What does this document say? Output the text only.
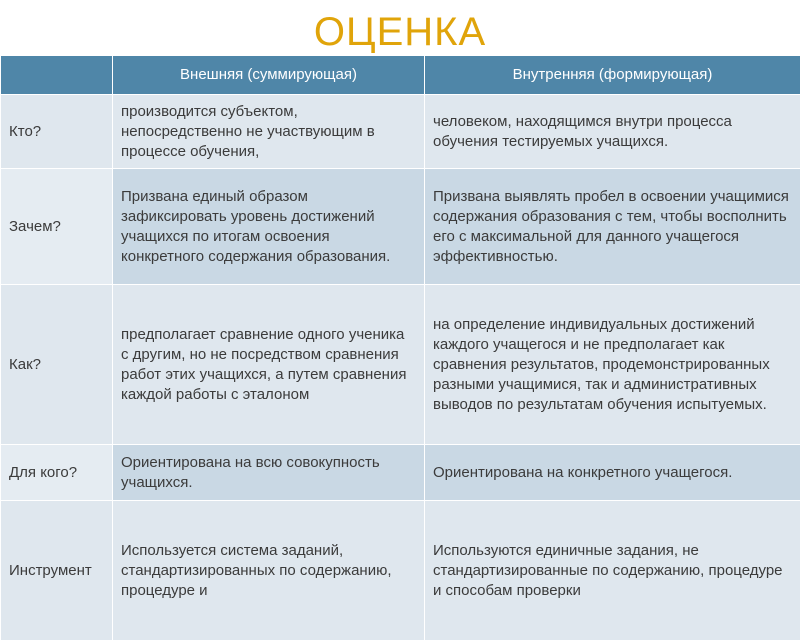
ОЦЕНКА
	Внешняя (суммирующая)	Внутренняя (формирующая)
Кто?	производится субъектом, непосредственно не участвующим в процессе обучения,	человеком, находящимся внутри процесса обучения тестируемых учащихся.
Зачем?	Призвана единый образом зафиксировать уровень достижений учащихся по итогам освоения конкретного содержания образования.	Призвана выявлять пробел в освоении учащимися содержания образования с тем, чтобы восполнить его с максимальной для данного учащегося эффективностью.
Как?	предполагает сравнение одного ученика с другим, но не посредством сравнения работ этих учащихся, а путем сравнения каждой работы с эталоном	на определение индивидуальных достижений каждого учащегося и не предполагает как сравнения результатов, продемонстрированных разными учащимися, так и административных выводов по результатам обучения испытуемых.
Для кого?	Ориентирована на всю совокупность учащихся.	Ориентирована на конкретного учащегося.
Инструмент	Используется система заданий, стандартизированных по содержанию, процедуре и	Используются единичные задания, не стандартизированные по содержанию, процедуре и способам проверки
